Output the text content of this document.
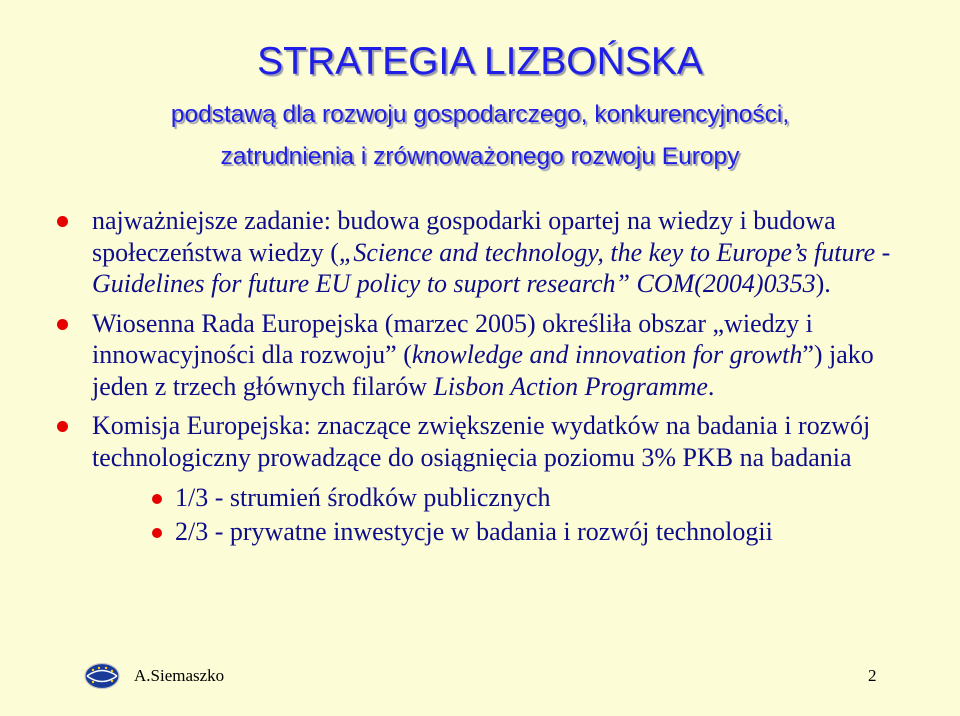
STRATEGIA LIZBOŃSKA
podstawą dla rozwoju gospodarczego, konkurencyjności,
zatrudnienia i zrównoważonego rozwoju Europy
najważniejsze zadanie: budowa gospodarki opartej na wiedzy i budowa społeczeństwa wiedzy („Science and technology, the key to Europe’s future - Guidelines for future EU policy to suport research” COM(2004)0353).
Wiosenna Rada Europejska (marzec 2005) określiła obszar „wiedzy i innowacyjności dla rozwoju” (knowledge and innovation for growth”) jako jeden z trzech głównych filarów Lisbon Action Programme.
Komisja Europejska: znaczące zwiększenie wydatków na badania i rozwój technologiczny prowadzące do osiągnięcia poziomu 3% PKB na badania
1/3 - strumień środków publicznych
2/3 - prywatne inwestycje w badania i rozwój technologii
A.Siemaszko	2
